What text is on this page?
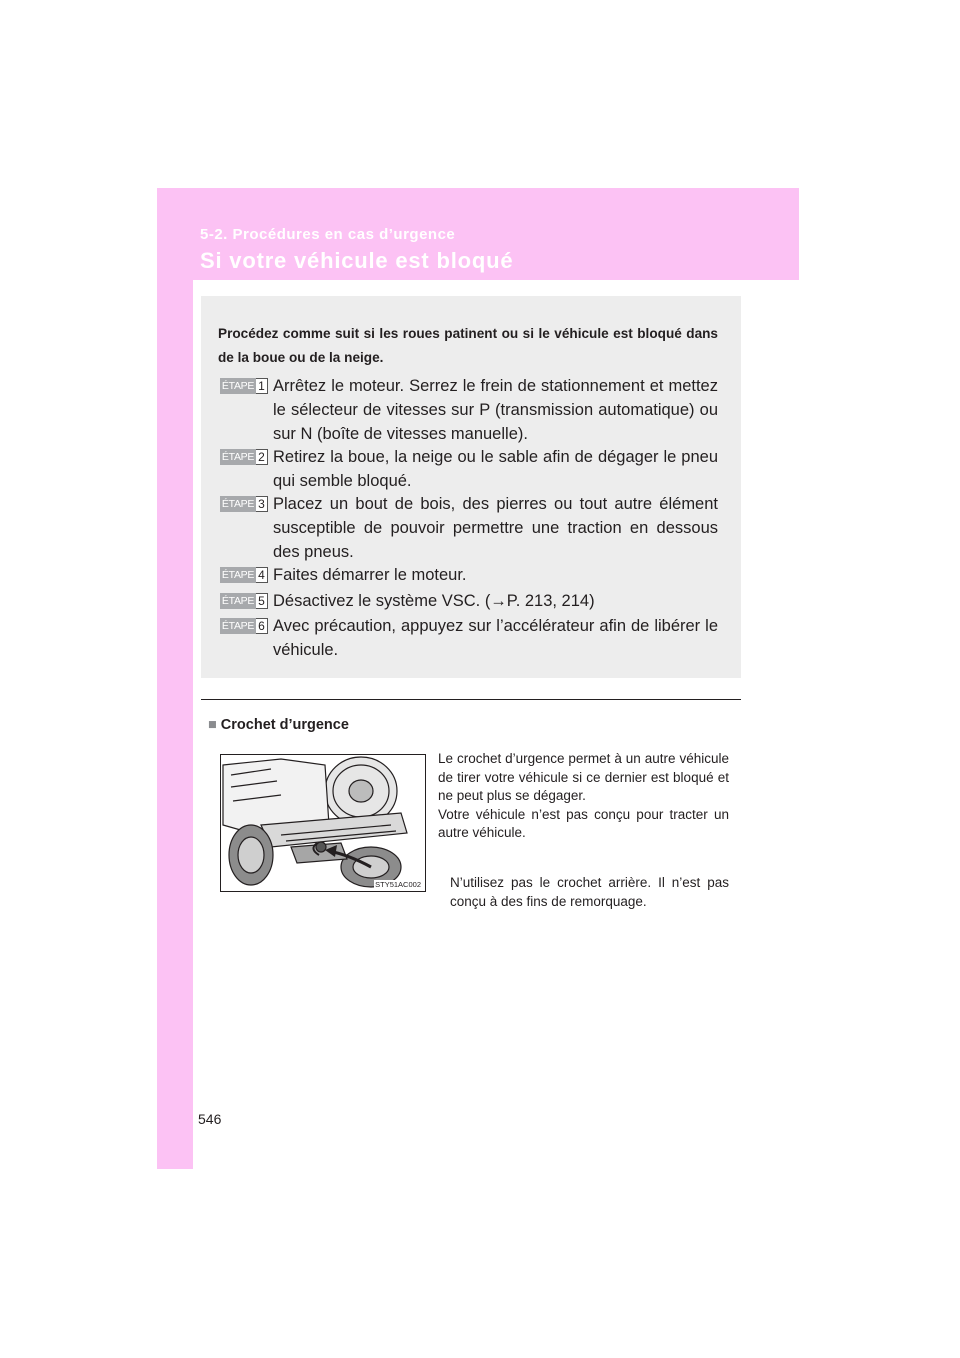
5-2. Procédures en cas d’urgence
Si votre véhicule est bloqué
Procédez comme suit si les roues patinent ou si le véhicule est bloqué dans de la boue ou de la neige.
ÉTAPE 1 Arrêtez le moteur. Serrez le frein de stationnement et mettez le sélecteur de vitesses sur P (transmission automatique) ou sur N (boîte de vitesses manuelle).
ÉTAPE 2 Retirez la boue, la neige ou le sable afin de dégager le pneu qui semble bloqué.
ÉTAPE 3 Placez un bout de bois, des pierres ou tout autre élément susceptible de pouvoir permettre une traction en dessous des pneus.
ÉTAPE 4 Faites démarrer le moteur.
ÉTAPE 5 Désactivez le système VSC. (→P. 213, 214)
ÉTAPE 6 Avec précaution, appuyez sur l’accélérateur afin de libérer le véhicule.
■ Crochet d’urgence
STY51AC002

Le crochet d’urgence permet à un autre véhicule de tirer votre véhicule si ce dernier est bloqué et ne peut plus se dégager.

Votre véhicule n’est pas conçu pour tracter un autre véhicule.

N’utilisez pas le crochet arrière. Il n’est pas conçu à des fins de remorquage.
546
